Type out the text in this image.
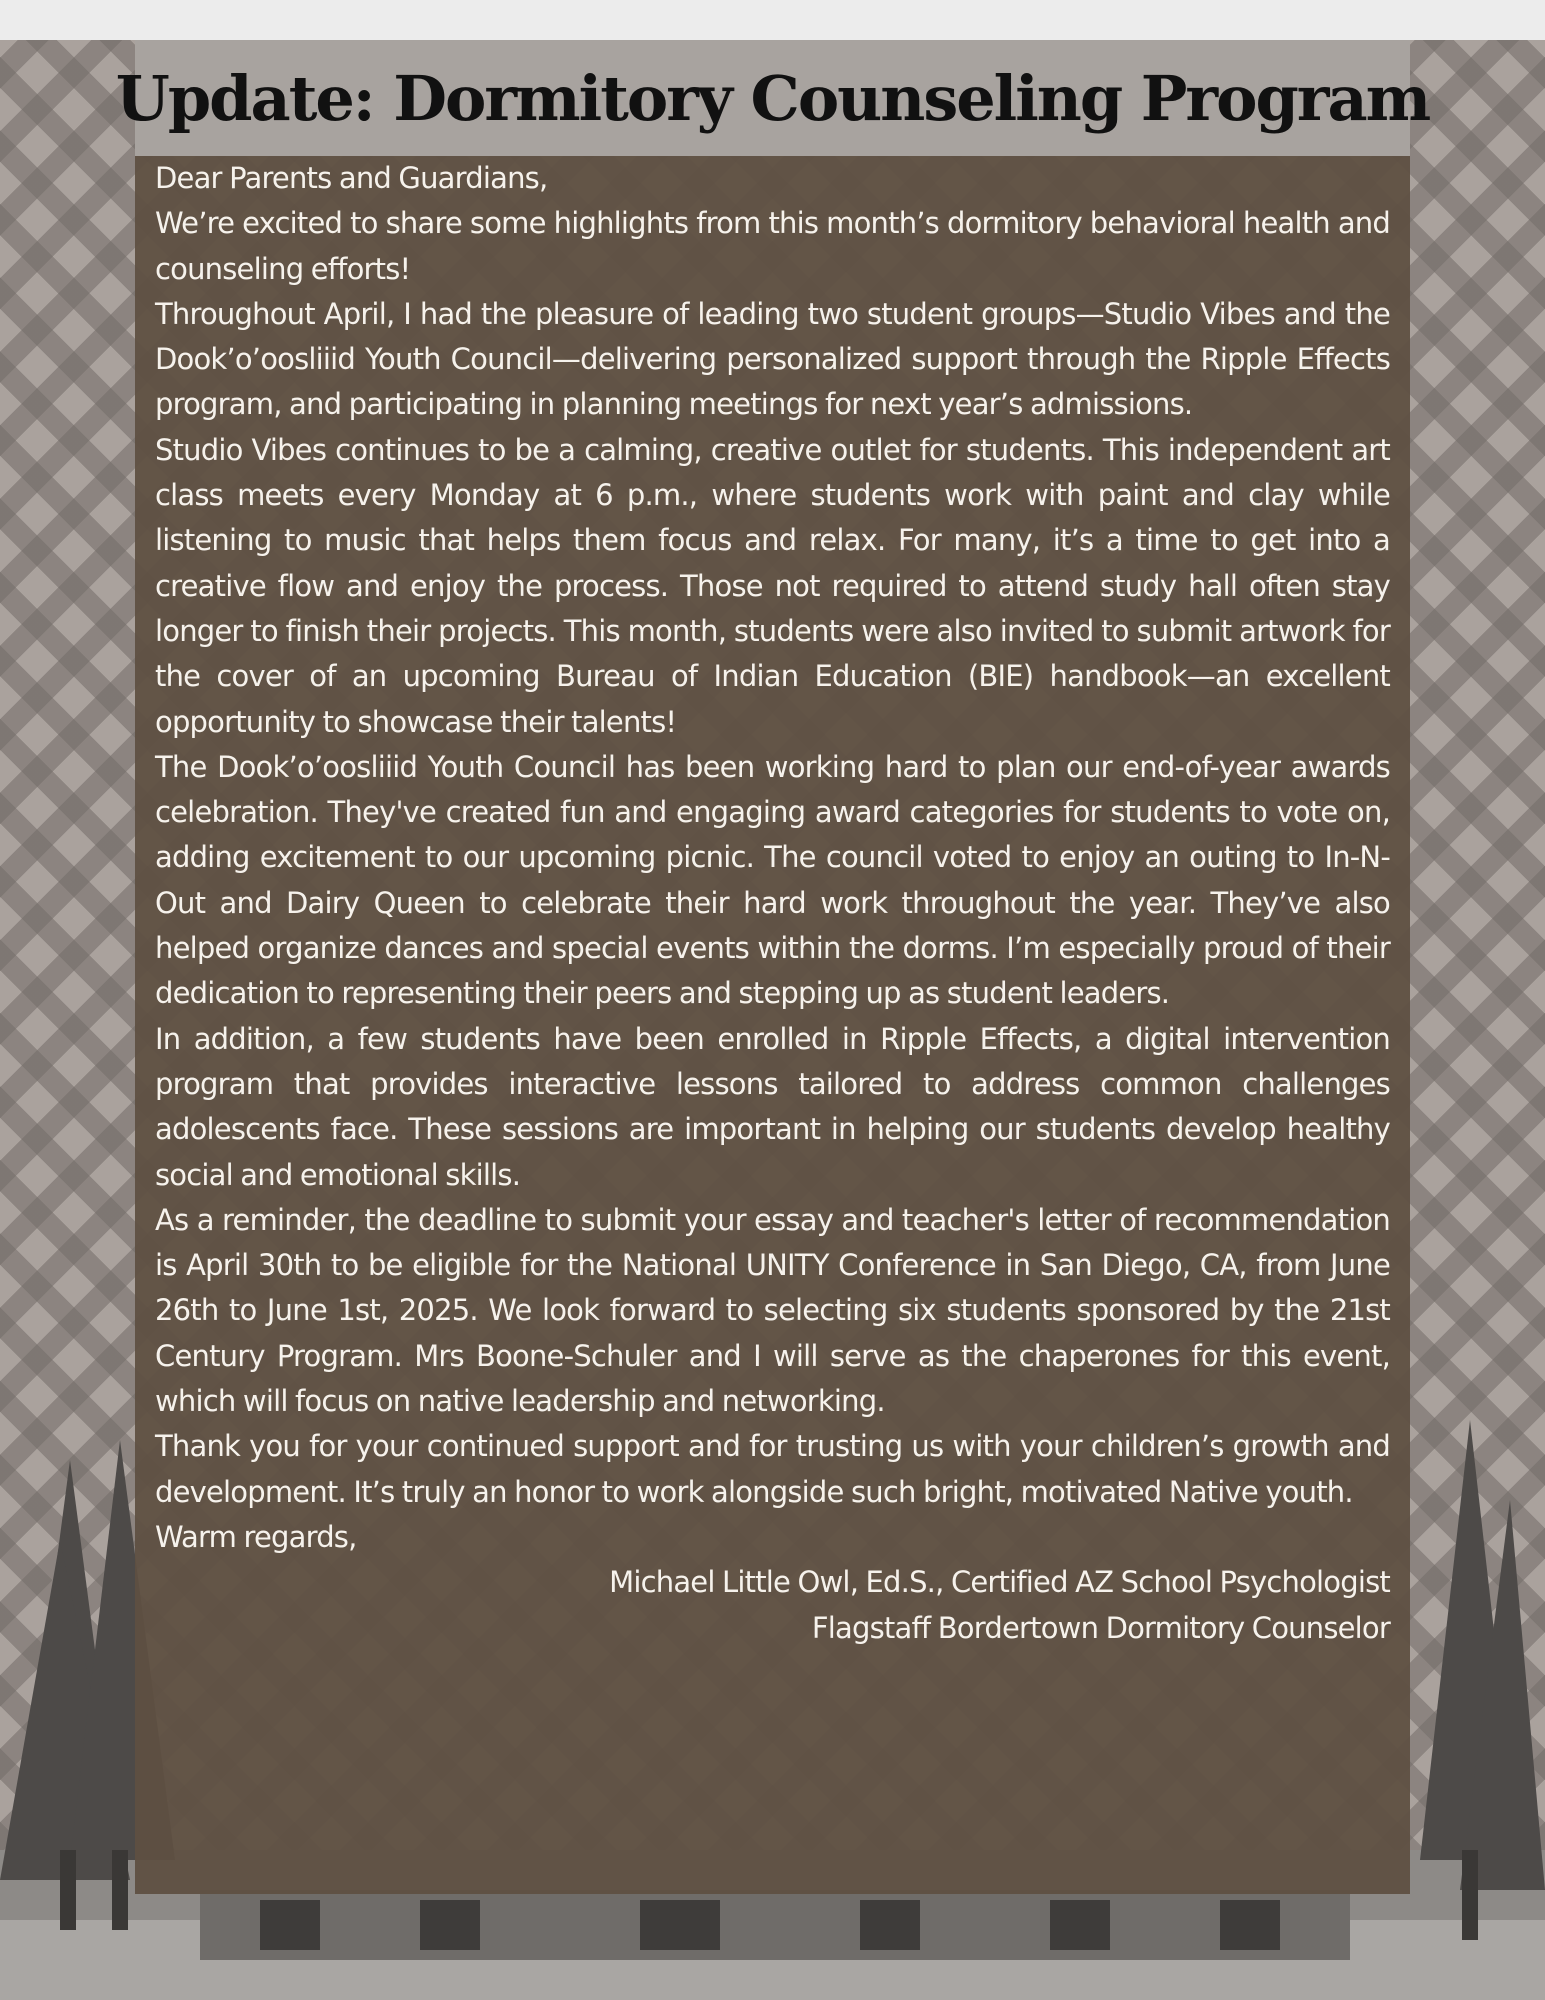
Update: Dormitory Counseling Program

Dear Parents and Guardians,

We’re excited to share some highlights from this month’s dormitory behavioral health and counseling efforts!

Throughout April, I had the pleasure of leading two student groups—Studio Vibes and the Dook’o’oosliiid Youth Council—delivering personalized support through the Ripple Effects program, and participating in planning meetings for next year’s admissions.

Studio Vibes continues to be a calming, creative outlet for students. This independent art class meets every Monday at 6 p.m., where students work with paint and clay while listening to music that helps them focus and relax. For many, it’s a time to get into a creative flow and enjoy the process. Those not required to attend study hall often stay longer to finish their projects. This month, students were also invited to submit artwork for the cover of an upcoming Bureau of Indian Education (BIE) handbook—an excellent opportunity to showcase their talents!

The Dook’o’oosliiid Youth Council has been working hard to plan our end-of-year awards celebration. They've created fun and engaging award categories for students to vote on, adding excitement to our upcoming picnic. The council voted to enjoy an outing to In-N-Out and Dairy Queen to celebrate their hard work throughout the year. They’ve also helped organize dances and special events within the dorms. I’m especially proud of their dedication to representing their peers and stepping up as student leaders.

In addition, a few students have been enrolled in Ripple Effects, a digital intervention program that provides interactive lessons tailored to address common challenges adolescents face. These sessions are important in helping our students develop healthy social and emotional skills.

As a reminder, the deadline to submit your essay and teacher's letter of recommendation is April 30th to be eligible for the National UNITY Conference in San Diego, CA, from June 26th to June 1st, 2025. We look forward to selecting six students sponsored by the 21st Century Program. Mrs Boone-Schuler and I will serve as the chaperones for this event, which will focus on native leadership and networking.

Thank you for your continued support and for trusting us with your children’s growth and development. It’s truly an honor to work alongside such bright, motivated Native youth.

Warm regards,

Michael Little Owl, Ed.S., Certified AZ School Psychologist

Flagstaff Bordertown Dormitory Counselor
